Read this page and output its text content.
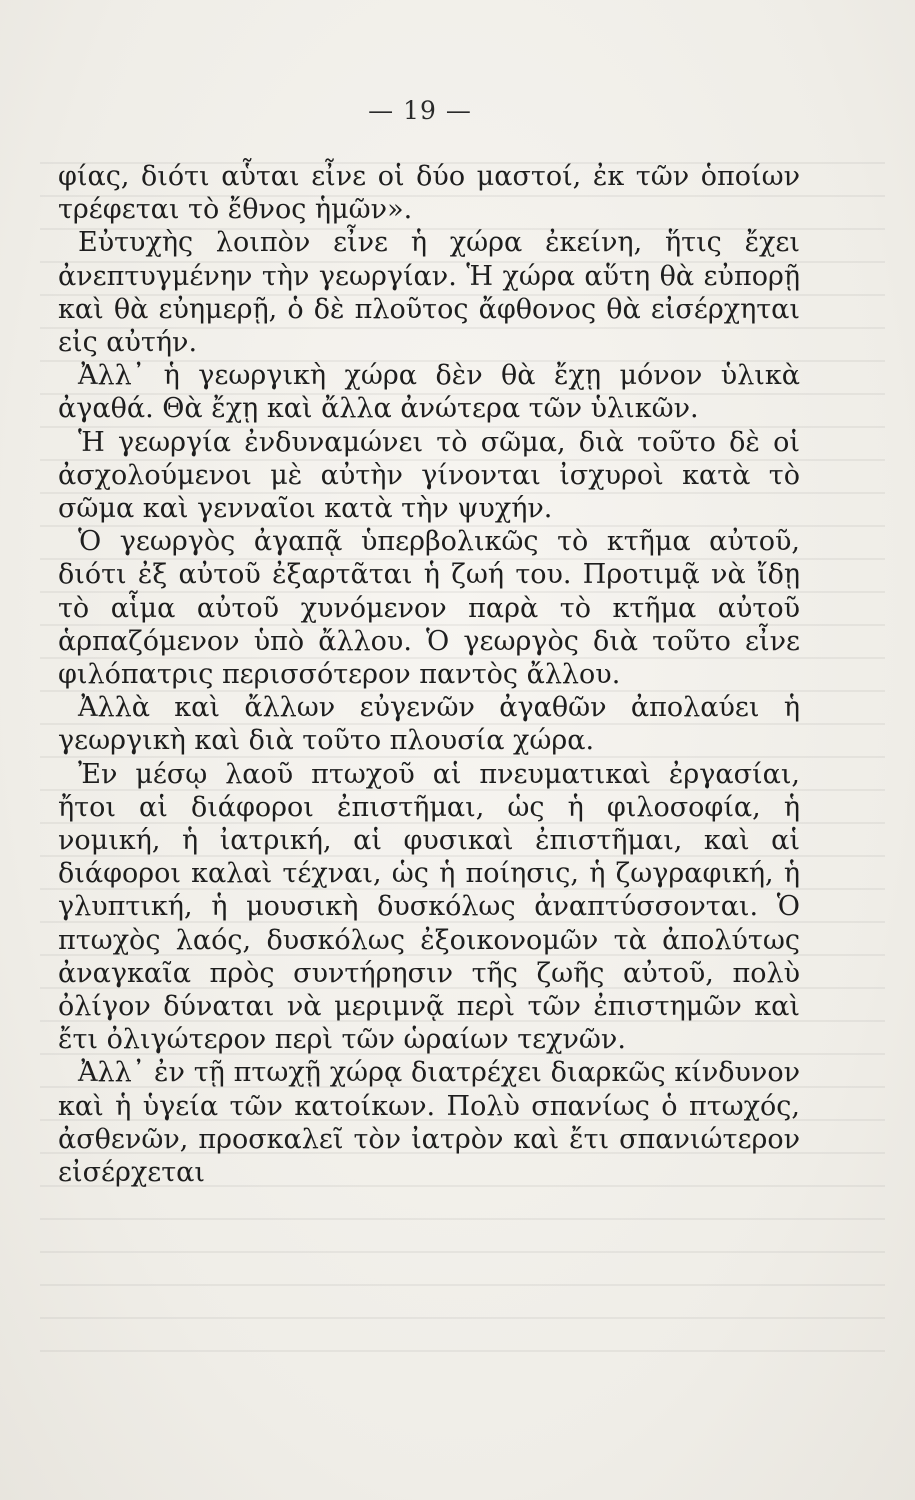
— 19 —

φίας, διότι αὗται εἶνε οἱ δύο μαστοί, ἐκ τῶν ὁποίων τρέφεται τὸ ἔθνος ἡμῶν».

Εὐτυχὴς λοιπὸν εἶνε ἡ χώρα ἐκείνη, ἥτις ἔχει ἀνεπτυγμένην τὴν γεωργίαν. Ἡ χώρα αὕτη θὰ εὐπορῇ καὶ θὰ εὐημερῇ, ὁ δὲ πλοῦτος ἄφθονος θὰ εἰσέρχηται εἰς αὐτήν.

Ἀλλ᾽ ἡ γεωργικὴ χώρα δὲν θὰ ἔχῃ μόνον ὑλικὰ ἀγαθά. Θὰ ἔχῃ καὶ ἄλλα ἀνώτερα τῶν ὑλικῶν.

Ἡ γεωργία ἐνδυναμώνει τὸ σῶμα, διὰ τοῦτο δὲ οἱ ἀσχολούμενοι μὲ αὐτὴν γίνονται ἰσχυροὶ κατὰ τὸ σῶμα καὶ γενναῖοι κατὰ τὴν ψυχήν.

Ὁ γεωργὸς ἀγαπᾷ ὑπερβολικῶς τὸ κτῆμα αὐτοῦ, διότι ἐξ αὐτοῦ ἐξαρτᾶται ἡ ζωή του. Προτιμᾷ νὰ ἴδῃ τὸ αἷμα αὐτοῦ χυνόμενον παρὰ τὸ κτῆμα αὐτοῦ ἁρπαζόμενον ὑπὸ ἄλλου. Ὁ γεωργὸς διὰ τοῦτο εἶνε φιλόπατρις περισσότερον παντὸς ἄλλου.

Ἀλλὰ καὶ ἄλλων εὐγενῶν ἀγαθῶν ἀπολαύει ἡ γεωργικὴ καὶ διὰ τοῦτο πλουσία χώρα.

Ἐν μέσῳ λαοῦ πτωχοῦ αἱ πνευματικαὶ ἐργασίαι, ἤτοι αἱ διάφοροι ἐπιστῆμαι, ὡς ἡ φιλοσοφία, ἡ νομική, ἡ ἰατρική, αἱ φυσικαὶ ἐπιστῆμαι, καὶ αἱ διάφοροι καλαὶ τέχναι, ὡς ἡ ποίησις, ἡ ζωγραφική, ἡ γλυπτική, ἡ μουσικὴ δυσκόλως ἀναπτύσσονται. Ὁ πτωχὸς λαός, δυσκόλως ἐξοικονομῶν τὰ ἀπολύτως ἀναγκαῖα πρὸς συντήρησιν τῆς ζωῆς αὐτοῦ, πολὺ ὀλίγον δύναται νὰ μεριμνᾷ περὶ τῶν ἐπιστημῶν καὶ ἔτι ὀλιγώτερον περὶ τῶν ὡραίων τεχνῶν.

Ἀλλ᾽ ἐν τῇ πτωχῇ χώρᾳ διατρέχει διαρκῶς κίνδυνον καὶ ἡ ὑγεία τῶν κατοίκων. Πολὺ σπανίως ὁ πτωχός, ἀσθενῶν, προσκαλεῖ τὸν ἰατρὸν καὶ ἔτι σπανιώτερον εἰσέρχεται
